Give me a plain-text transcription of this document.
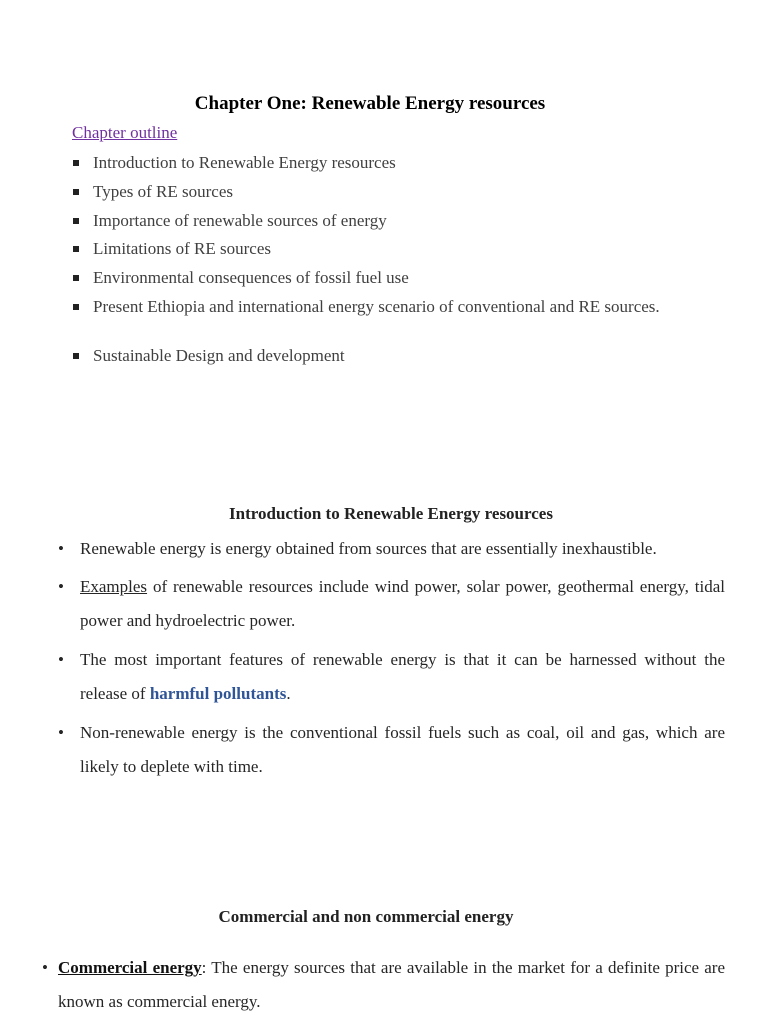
Chapter One: Renewable Energy resources
Chapter outline
Introduction to Renewable Energy resources
Types of RE sources
Importance of renewable sources of energy
Limitations of RE sources
Environmental consequences of fossil fuel use
Present Ethiopia and international energy scenario of conventional and RE sources.
Sustainable Design and development
Introduction to Renewable Energy resources
• Renewable energy is energy obtained from sources that are essentially inexhaustible.
• Examples of renewable resources include wind power, solar power, geothermal energy, tidal power and hydroelectric power.
• The most important features of renewable energy is that it can be harnessed without the release of harmful pollutants.
• Non-renewable energy is the conventional fossil fuels such as coal, oil and gas, which are likely to deplete with time.
Commercial and non commercial energy
• Commercial energy: The energy sources that are available in the market for a definite price are known as commercial energy.
